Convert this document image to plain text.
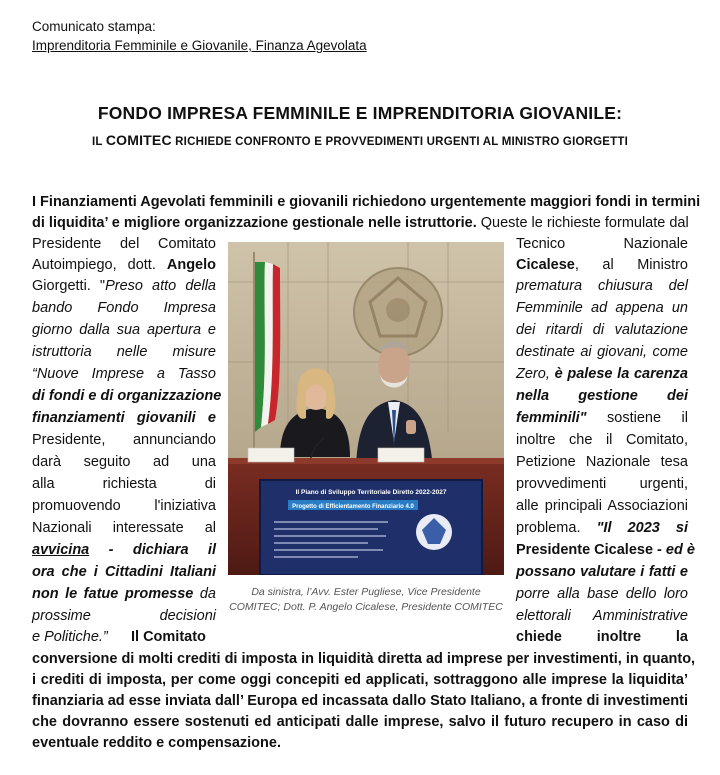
Comunicato stampa:
Imprenditoria Femminile e Giovanile, Finanza Agevolata
FONDO IMPRESA FEMMINILE E IMPRENDITORIA GIOVANILE:
IL COMITEC RICHIEDE CONFRONTO E PROVVEDIMENTI URGENTI AL MINISTRO GIORGETTI
I Finanziamenti Agevolati femminili e giovanili richiedono urgentemente maggiori fondi in termini
di liquidita’ e migliore organizzazione gestionale nelle istruttorie. Queste le richieste formulate dal
Presidente del Comitato
Autoimpiego, dott. Angelo
Giorgetti. "Preso atto della
bando Fondo Impresa
giorno dalla sua apertura e
istruttoria nelle misure
“Nuove Imprese a Tasso
di fondi e di organizzazione
finanziamenti giovanili e
Presidente, annunciando
darà seguito ad una
alla richiesta di
promuovendo l'iniziativa
Nazionali interessate al
avvicina - dichiara il
ora che i Cittadini Italiani
non le fatue promesse da
prossime decisioni
e Politiche.” Il Comitato
Tecnico Nazionale
Cicalese, al Ministro
prematura chiusura del
Femminile ad appena un
dei ritardi di valutazione
destinate ai giovani, come
Zero, è palese la carenza
nella gestione dei
femminili" sostiene il
inoltre che il Comitato,
Petizione Nazionale tesa
provvedimenti urgenti,
alle principali Associazioni
problema. "Il 2023 si
Presidente Cicalese - ed è
possano valutare i fatti e
porre alla base dello loro
elettorali Amministrative
chiede inoltre la
Il Piano di Sviluppo Territoriale Diretto 2022-2027
Progetto di Efficientamento Finanziario 4.0
Da sinistra, l’Avv. Ester Pugliese, Vice Presidente
COMITEC; Dott. P. Angelo Cicalese, Presidente COMITEC
conversione di molti crediti di imposta in liquidità diretta ad imprese per investimenti, in quanto,
i crediti di imposta, per come oggi concepiti ed applicati, sottraggono alle imprese la liquidita’
finanziaria ad esse inviata dall’ Europa ed incassata dallo Stato Italiano, a fronte di investimenti
che dovranno essere sostenuti ed anticipati dalle imprese, salvo il futuro recupero in caso di
eventuale reddito e compensazione.
